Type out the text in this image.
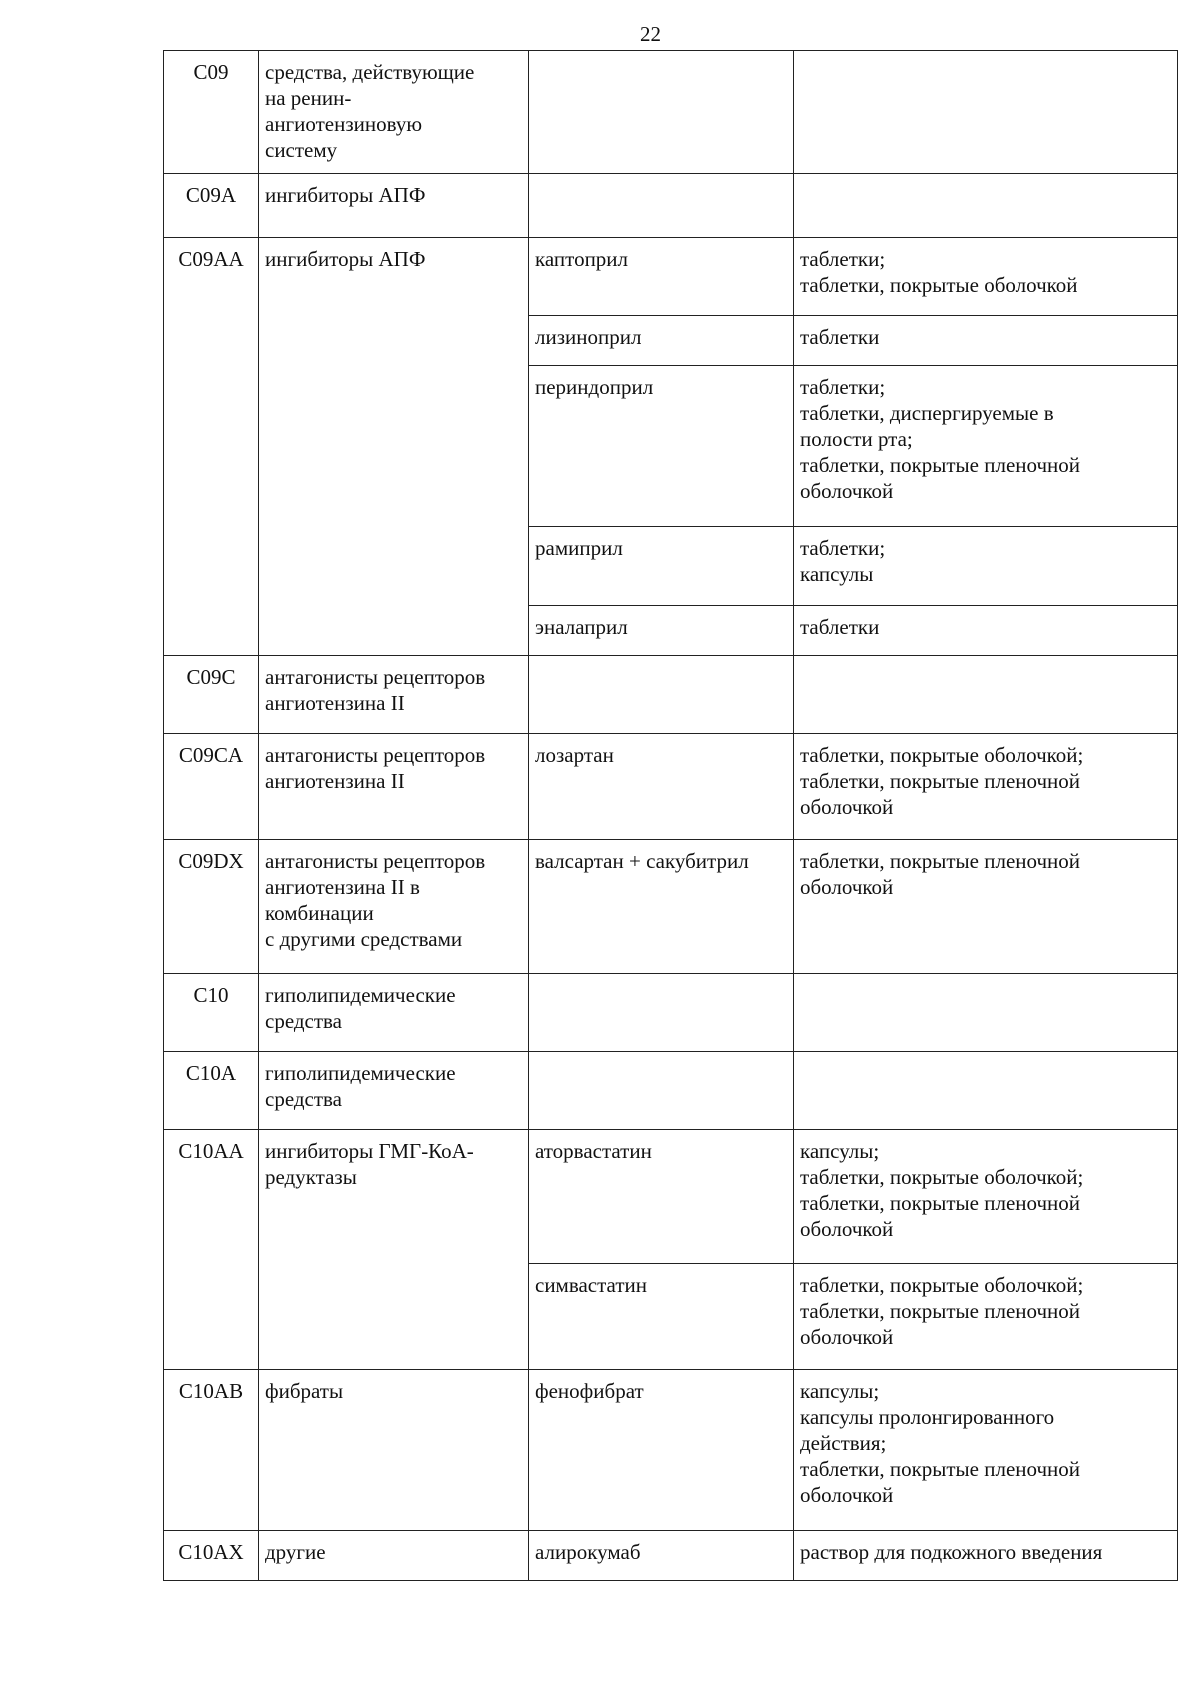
22
C09	средства, действующие
на ренин-
ангиотензиновую
систему		
C09A	ингибиторы АПФ		
C09AA	ингибиторы АПФ	каптоприл	таблетки;
таблетки, покрытые оболочкой
		лизиноприл	таблетки
		периндоприл	таблетки;
таблетки, диспергируемые в
полости рта;
таблетки, покрытые пленочной
оболочкой
		рамиприл	таблетки;
капсулы
		эналаприл	таблетки
C09C	антагонисты рецепторов
ангиотензина II		
C09CA	антагонисты рецепторов
ангиотензина II	лозартан	таблетки, покрытые оболочкой;
таблетки, покрытые пленочной
оболочкой
C09DX	антагонисты рецепторов
ангиотензина II в
комбинации
с другими средствами	валсартан + сакубитрил	таблетки, покрытые пленочной
оболочкой
C10	гиполипидемические
средства		
C10A	гиполипидемические
средства		
C10AA	ингибиторы ГМГ-КоА-
редуктазы	аторвастатин	капсулы;
таблетки, покрытые оболочкой;
таблетки, покрытые пленочной
оболочкой
		симвастатин	таблетки, покрытые оболочкой;
таблетки, покрытые пленочной
оболочкой
C10AB	фибраты	фенофибрат	капсулы;
капсулы пролонгированного
действия;
таблетки, покрытые пленочной
оболочкой
C10AX	другие	алирокумаб	раствор для подкожного введения
